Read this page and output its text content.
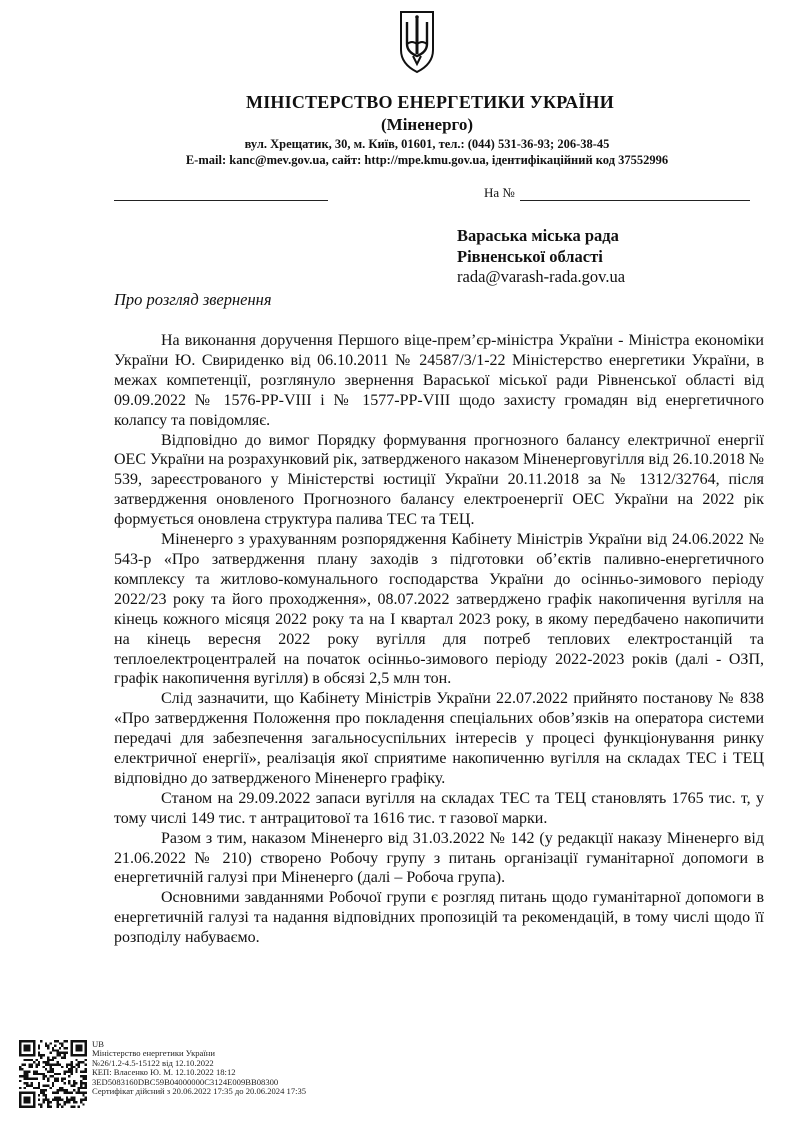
МІНІСТЕРСТВО ЕНЕРГЕТИКИ УКРАЇНИ
(Міненерго)
вул. Хрещатик, 30, м. Київ, 01601, тел.: (044) 531-36-93; 206-38-45
E-mail: kanc@mev.gov.ua, сайт: http://mpe.kmu.gov.ua, ідентифікаційний код 37552996
На №
Вараська міська рада
Рівненської області
rada@varash-rada.gov.ua
Про розгляд звернення

На виконання доручення Першого віце-прем’єр-міністра України - Міністра економіки України Ю. Свириденко від 06.10.2011 № 24587/3/1-22 Міністерство енергетики України, в межах компетенції, розглянуло звернення Вараської міської ради Рівненської області від 09.09.2022 № 1576-РР-VIII і № 1577-РР-VIII щодо захисту громадян від енергетичного колапсу та повідомляє.

Відповідно до вимог Порядку формування прогнозного балансу електричної енергії ОЕС України на розрахунковий рік, затвердженого наказом Міненерговугілля від 26.10.2018 № 539, зареєстрованого у Міністерстві юстиції України 20.11.2018 за № 1312/32764, після затвердження оновленого Прогнозного балансу електроенергії ОЕС України на 2022 рік формується оновлена структура палива ТЕС та ТЕЦ.

Міненерго з урахуванням розпорядження Кабінету Міністрів України від 24.06.2022 № 543-р «Про затвердження плану заходів з підготовки об’єктів паливно-енергетичного комплексу та житлово-комунального господарства України до осінньо-зимового періоду 2022/23 року та його проходження», 08.07.2022 затверджено графік накопичення вугілля на кінець кожного місяця 2022 року та на І квартал 2023 року, в якому передбачено накопичити на кінець вересня 2022 року вугілля для потреб теплових електростанцій та теплоелектроцентралей на початок осінньо-зимового періоду 2022-2023 років (далі - ОЗП, графік накопичення вугілля) в обсязі 2,5 млн тон.

Слід зазначити, що Кабінету Міністрів України 22.07.2022 прийнято постанову № 838 «Про затвердження Положення про покладення спеціальних обов’язків на оператора системи передачі для забезпечення загальносуспільних інтересів у процесі функціонування ринку електричної енергії», реалізація якої сприятиме накопиченню вугілля на складах ТЕС і ТЕЦ відповідно до затвердженого Міненерго графіку.

Станом на 29.09.2022 запаси вугілля на складах ТЕС та ТЕЦ становлять 1765 тис. т, у тому числі 149 тис. т антрацитової та 1616 тис. т газової марки.

Разом з тим, наказом Міненерго від 31.03.2022 № 142 (у редакції наказу Міненерго від 21.06.2022 № 210) створено Робочу групу з питань організації гуманітарної допомоги в енергетичній галузі при Міненерго (далі – Робоча група).

Основними завданнями Робочої групи є розгляд питань щодо гуманітарної допомоги в енергетичній галузі та надання відповідних пропозицій та рекомендацій, в тому числі щодо її розподілу набуваємо.

UB
Міністерство енергетики України
№26/1.2-4.5-15122 від 12.10.2022
КЕП: Власенко Ю. М. 12.10.2022 18:12
3ED5083160DBC59B04000000C3124E009BB08300
Сертифікат дійсний з 20.06.2022 17:35 до 20.06.2024 17:35
